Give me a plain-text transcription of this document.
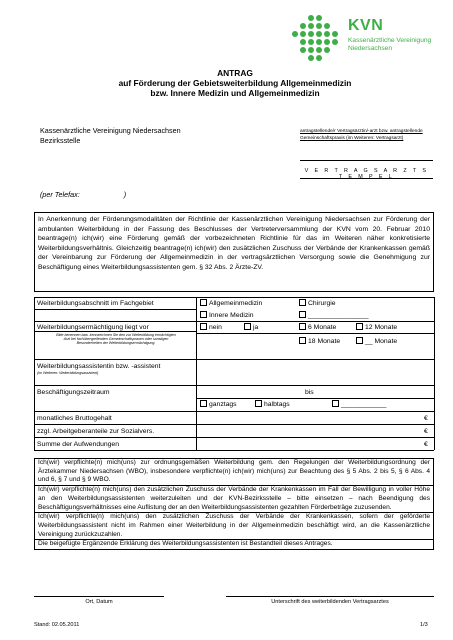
KVN
Kassenärztliche Vereinigung
Niedersachsen
ANTRAG
auf Förderung der Gebietsweiterbildung Allgemeinmedizin
bzw. Innere Medizin und Allgemeinmedizin
Kassenärztliche Vereinigung Niedersachsen
Bezirksstelle
(per Telefax:	)
antragstellende/r Vertragsärztin/-arzt bzw. antragstellende
Gemeinschaftspraxis (im Weiteren: Vertragsarzt)
V E R T R A G S A R Z T S T E M P E L
In Anerkennung der Förderungsmodalitäten der Richtlinie der Kassenärztlichen Vereinigung Niedersachsen zur Förderung der ambulanten Weiterbildung in der Fassung des Beschlusses der Vertreterversammlung der KVN vom 20. Februar 2010 beantrage(n) ich(wir) eine Förderung gemäß der vorbezeichneten Richtlinie für das im Weiteren näher konkretisierte Weiterbildungsverhältnis. Gleichzeitig beantrage(n) ich(wir) den zusätzlichen Zuschuss der Verbände der Krankenkassen gemäß der Vereinbarung zur Förderung der Allgemeinmedizin in der vertragsärztlichen Versorgung sowie die Genehmigung zur Beschäftigung eines Weiterbildungsassistenten gem. § 32 Abs. 2 Ärzte-ZV.
Weiterbildungsabschnitt im Fachgebiet	Allgemeinmedizin	Chirurgie
Innere Medizin	________________
Weiterbildungsermächtigung liegt vor	nein	ja	6 Monate	12 Monate
Bitte benennen bzw. kennzeichnen Sie den zur Weiterbildung ermächtigten Arzt bei fachübergreifenden Gemeinschaftspraxen oder sonstigen Besonderheiten der Weiterbildungsermächtigung.	18 Monate	__ Monate
Weiterbildungsassistentin bzw. -assistent
(im Weiteren: Weiterbildungsassistent)
Beschäftigungszeitraum	bis
ganztags	halbtags	____________
monatliches Bruttogehalt	€
zzgl. Arbeitgeberanteile zur Sozialvers.	€
Summe der Aufwendungen	€

Ich(wir) verpflichte(n) mich(uns) zur ordnungsgemäßen Weiterbildung gem. den Regelungen der Weiterbildungsordnung der Ärztekammer Niedersachsen (WBO), insbesondere verpflichte(n) ich(wir) mich(uns) zur Beachtung des § 5 Abs. 2 bis 5, § 6 Abs. 4 und 6, § 7 und § 9 WBO.

Ich(wir) verpflichte(n) mich(uns) den zusätzlichen Zuschuss der Verbände der Krankenkassen im Fall der Bewilligung in voller Höhe an den Weiterbildungsassistenten weiterzuleiten und der KVN-Bezirksstelle – bitte einsetzen – nach Beendigung des Beschäftigungsverhältnisses eine Auflistung der an den Weiterbildungsassistenten gezahlten Förderbeträge zuzusenden.

Ich(wir) verpflichte(n) mich(uns) den zusätzlichen Zuschuss der Verbände der Krankenkassen, sofern der geförderte Weiterbildungsassistent nicht im Rahmen einer Weiterbildung in der Allgemeinmedizin beschäftigt wird, an die Kassenärztliche Vereinigung zurückzuzahlen.

Die beigefügte Ergänzende Erklärung des Weiterbildungsassistenten ist Bestandteil dieses Antrages.

Ort, Datum	Unterschrift des weiterbildenden Vertragsarztes
Stand: 02.05.2011	1/3
